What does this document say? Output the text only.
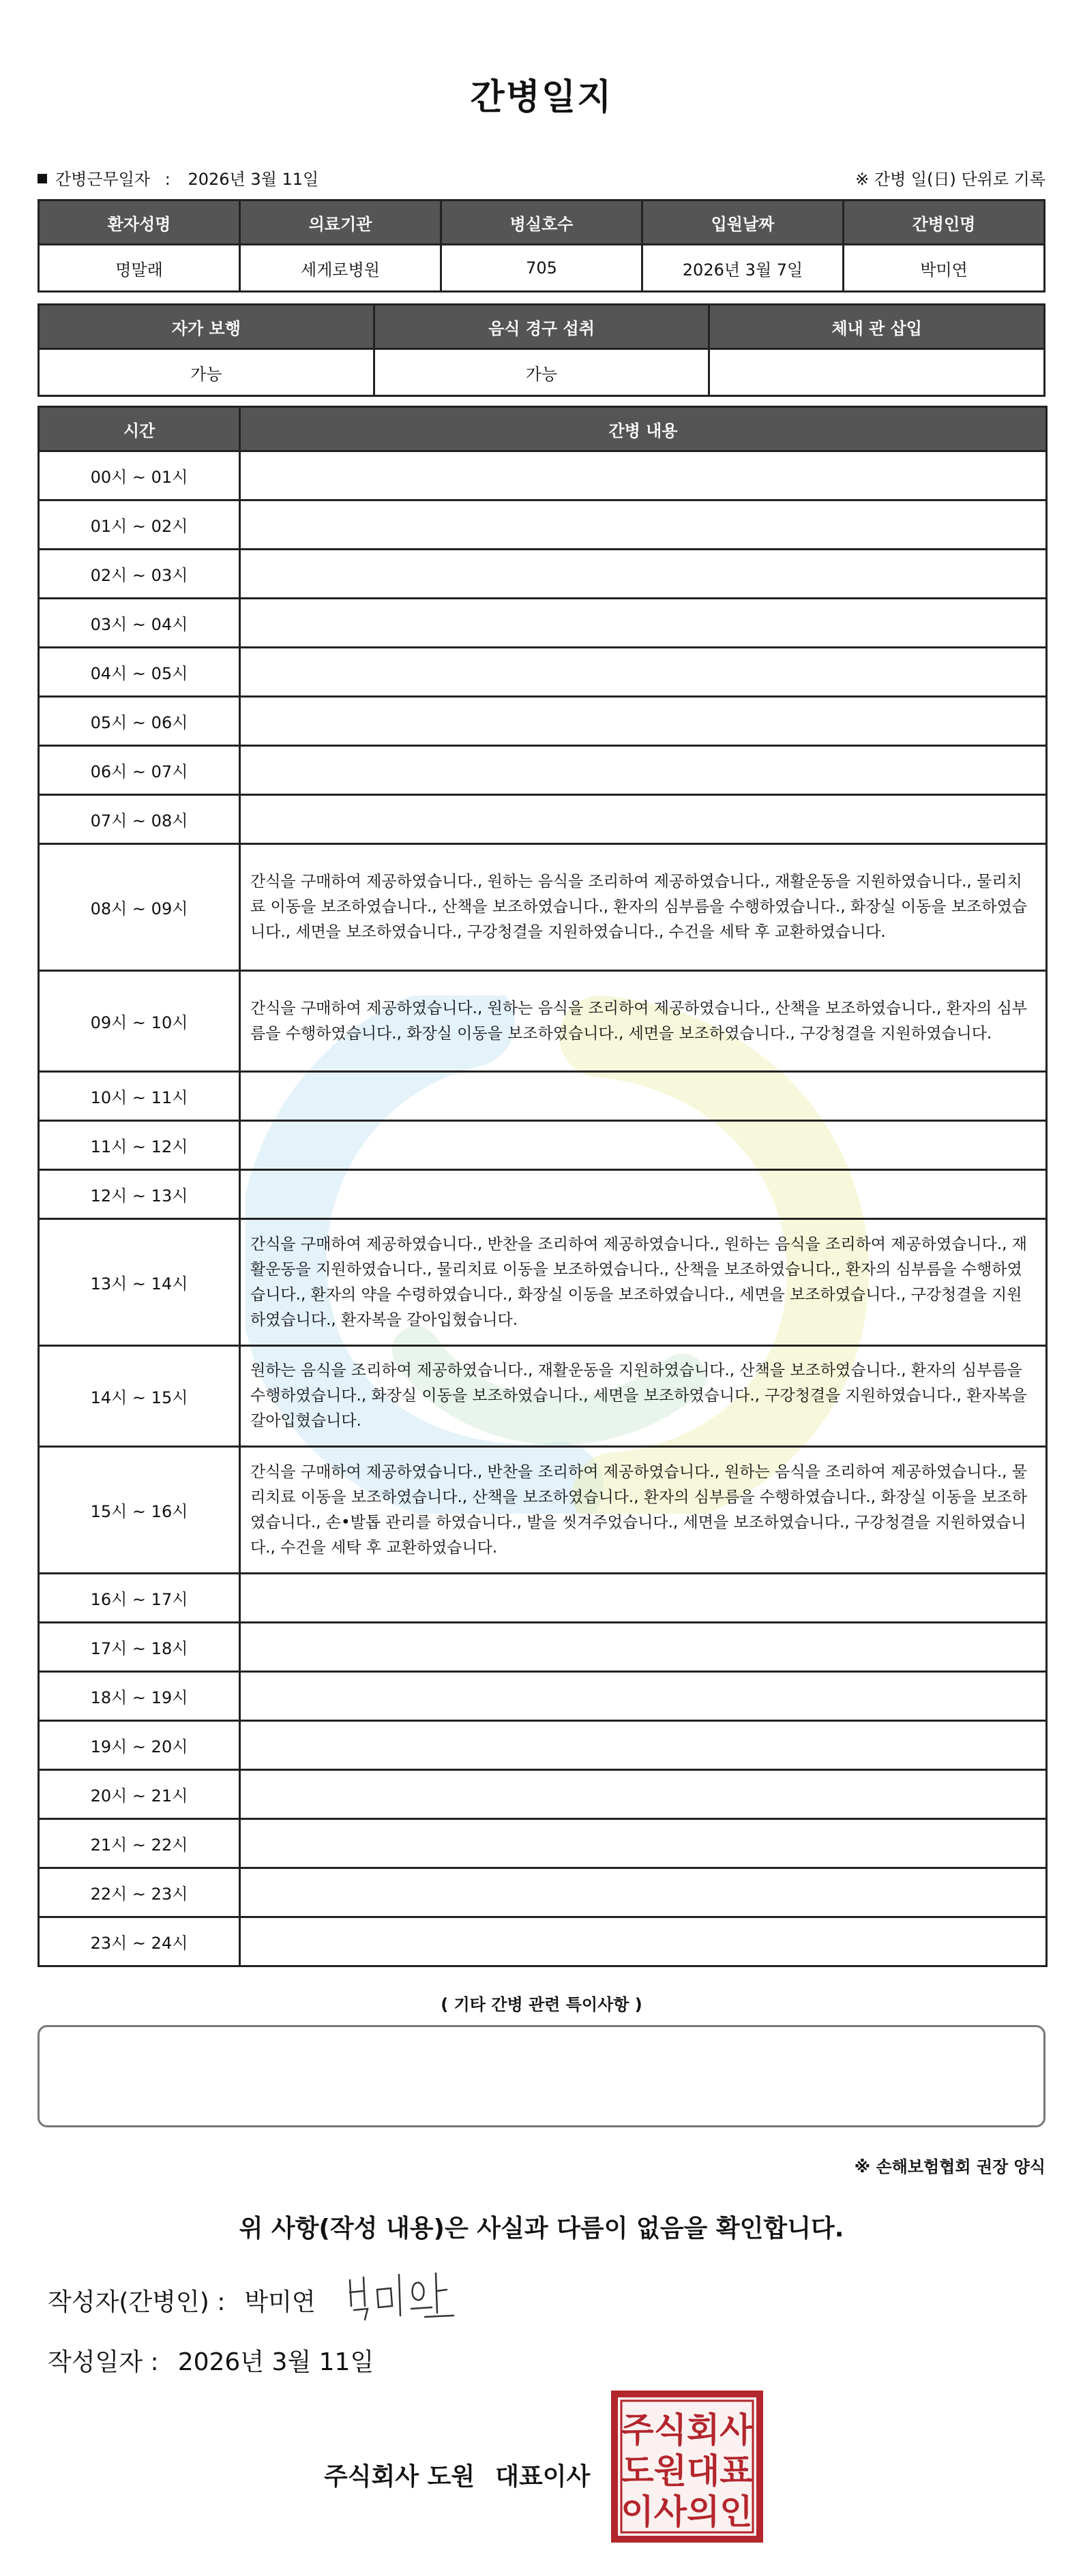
간병일지
간병근무일자 : 2026년 3월 11일	※ 간병 일(日) 단위로 기록
환자성명	의료기관	병실호수	입원날짜	간병인명
명말래	세게로병원	705	2026년 3월 7일	박미연
자가 보행	음식 경구 섭취	체내 관 삽입
가능	가능	
시간	간병 내용
00시 ~ 01시	
01시 ~ 02시	
02시 ~ 03시	
03시 ~ 04시	
04시 ~ 05시	
05시 ~ 06시	
06시 ~ 07시	
07시 ~ 08시	
08시 ~ 09시	간식을 구매하여 제공하였습니다., 원하는 음식을 조리하여 제공하였습니다., 재활운동을 지원하였습니다., 물리치료 이동을 보조하였습니다., 산책을 보조하였습니다., 환자의 심부름을 수행하였습니다., 화장실 이동을 보조하였습니다., 세면을 보조하였습니다., 구강청결을 지원하였습니다., 수건을 세탁 후 교환하였습니다.
09시 ~ 10시	간식을 구매하여 제공하였습니다., 원하는 음식을 조리하여 제공하였습니다., 산책을 보조하였습니다., 환자의 심부름을 수행하였습니다., 화장실 이동을 보조하였습니다., 세면을 보조하였습니다., 구강청결을 지원하였습니다.
10시 ~ 11시	
11시 ~ 12시	
12시 ~ 13시	
13시 ~ 14시	간식을 구매하여 제공하였습니다., 반찬을 조리하여 제공하였습니다., 원하는 음식을 조리하여 제공하였습니다., 재활운동을 지원하였습니다., 물리치료 이동을 보조하였습니다., 산책을 보조하였습니다., 환자의 심부름을 수행하였습니다., 환자의 약을 수령하였습니다., 화장실 이동을 보조하였습니다., 세면을 보조하였습니다., 구강청결을 지원하였습니다., 환자복을 갈아입혔습니다.
14시 ~ 15시	원하는 음식을 조리하여 제공하였습니다., 재활운동을 지원하였습니다., 산책을 보조하였습니다., 환자의 심부름을 수행하였습니다., 화장실 이동을 보조하였습니다., 세면을 보조하였습니다., 구강청결을 지원하였습니다., 환자복을 갈아입혔습니다.
15시 ~ 16시	간식을 구매하여 제공하였습니다., 반찬을 조리하여 제공하였습니다., 원하는 음식을 조리하여 제공하였습니다., 물리치료 이동을 보조하였습니다., 산책을 보조하였습니다., 환자의 심부름을 수행하였습니다., 화장실 이동을 보조하였습니다., 손•발톱 관리를 하였습니다., 발을 씻겨주었습니다., 세면을 보조하였습니다., 구강청결을 지원하였습니다., 수건을 세탁 후 교환하였습니다.
16시 ~ 17시	
17시 ~ 18시	
18시 ~ 19시	
19시 ~ 20시	
20시 ~ 21시	
21시 ~ 22시	
22시 ~ 23시	
23시 ~ 24시	
( 기타 간병 관련 특이사항 )
※ 손해보험협회 권장 양식
위 사항(작성 내용)은 사실과 다름이 없음을 확인합니다.
작성자(간병인) : 박미연
작성일자 : 2026년 3월 11일
주식회사 도원 대표이사
주식회사
도원대표
이사의인
